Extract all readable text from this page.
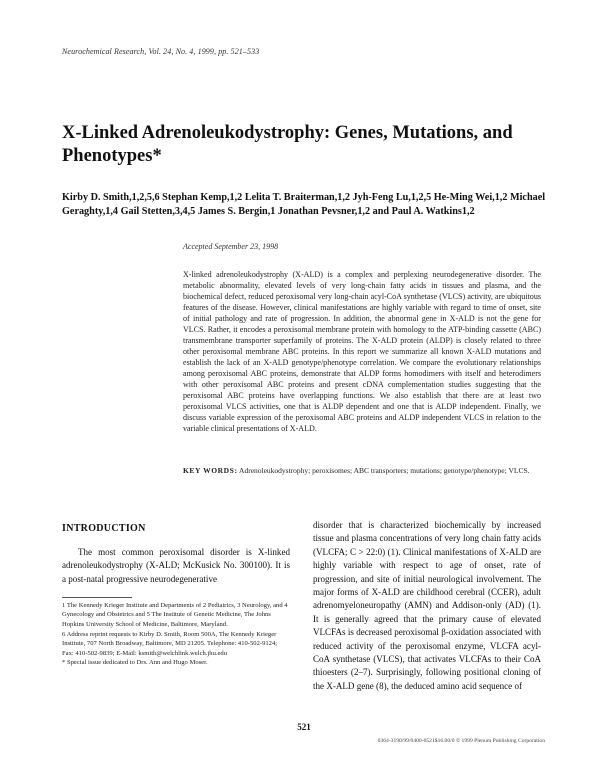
Neurochemical Research, Vol. 24, No. 4, 1999, pp. 521–533
X-Linked Adrenoleukodystrophy: Genes, Mutations, and Phenotypes*
Kirby D. Smith,1,2,5,6 Stephan Kemp,1,2 Lelita T. Braiterman,1,2 Jyh-Feng Lu,1,2,5 He-Ming Wei,1,2 Michael Geraghty,1,4 Gail Stetten,3,4,5 James S. Bergin,1 Jonathan Pevsner,1,2 and Paul A. Watkins1,2
Accepted September 23, 1998

X-linked adrenoleukodystrophy (X-ALD) is a complex and perplexing neurodegenerative disorder. The metabolic abnormality, elevated levels of very long-chain fatty acids in tissues and plasma, and the biochemical defect, reduced peroxisomal very long-chain acyl-CoA synthetase (VLCS) activity, are ubiquitous features of the disease. However, clinical manifestations are highly variable with regard to time of onset, site of initial pathology and rate of progression. In addition, the abnormal gene in X-ALD is not the gene for VLCS. Rather, it encodes a peroxisomal membrane protein with homology to the ATP-binding cassette (ABC) transmembrane transporter superfamily of proteins. The X-ALD protein (ALDP) is closely related to three other peroxisomal membrane ABC proteins. In this report we summarize all known X-ALD mutations and establish the lack of an X-ALD genotype/phenotype correlation. We compare the evolutionary relationships among peroxisomal ABC proteins, demonstrate that ALDP forms homodimers with itself and heterodimers with other peroxisomal ABC proteins and present cDNA complementation studies suggesting that the peroxisomal ABC proteins have overlapping functions. We also establish that there are at least two peroxisomal VLCS activities, one that is ALDP dependent and one that is ALDP independent. Finally, we discuss variable expression of the peroxisomal ABC proteins and ALDP independent VLCS in relation to the variable clinical presentations of X-ALD.

KEY WORDS: Adrenoleukodystrophy; peroxisomes; ABC transporters; mutations; genotype/phenotype; VLCS.
INTRODUCTION

The most common peroxisomal disorder is X-linked adrenoleukodystrophy (X-ALD; McKusick No. 300100). It is a post-natal progressive neurodegenerative

1 The Kennedy Krieger Institute and Departments of 2 Pediatrics, 3 Neurology, and 4 Gynecology and Obstetrics and 5 The Institute of Genetic Medicine, The Johns Hopkins University School of Medicine, Baltimore, Maryland.

6 Address reprint requests to Kirby D. Smith, Room 500A, The Kennedy Krieger Institute, 707 North Broadway, Baltimore, MD 21205. Telephone: 410-502-9124; Fax: 410-502-9839; E-Mail: ksmith@welchlink.welch.jhu.edu

* Special issue dedicated to Drs. Ann and Hugo Moser.

disorder that is characterized biochemically by increased tissue and plasma concentrations of very long chain fatty acids (VLCFA; C > 22:0) (1). Clinical manifestations of X-ALD are highly variable with respect to age of onset, rate of progression, and site of initial neurological involvement. The major forms of X-ALD are childhood cerebral (CCER), adult adrenomyeloneuropathy (AMN) and Addison-only (AD) (1). It is generally agreed that the primary cause of elevated VLCFAs is decreased peroxisomal β-oxidation associated with reduced activity of the peroxisomal enzyme, VLCFA acyl-CoA synthetase (VLCS), that activates VLCFAs to their CoA thioesters (2–7). Surprisingly, following positional cloning of the X-ALD gene (8), the deduced amino acid sequence of

521
0364-3190/99/0400-0521$16.00/0 © 1999 Plenum Publishing Corporation
